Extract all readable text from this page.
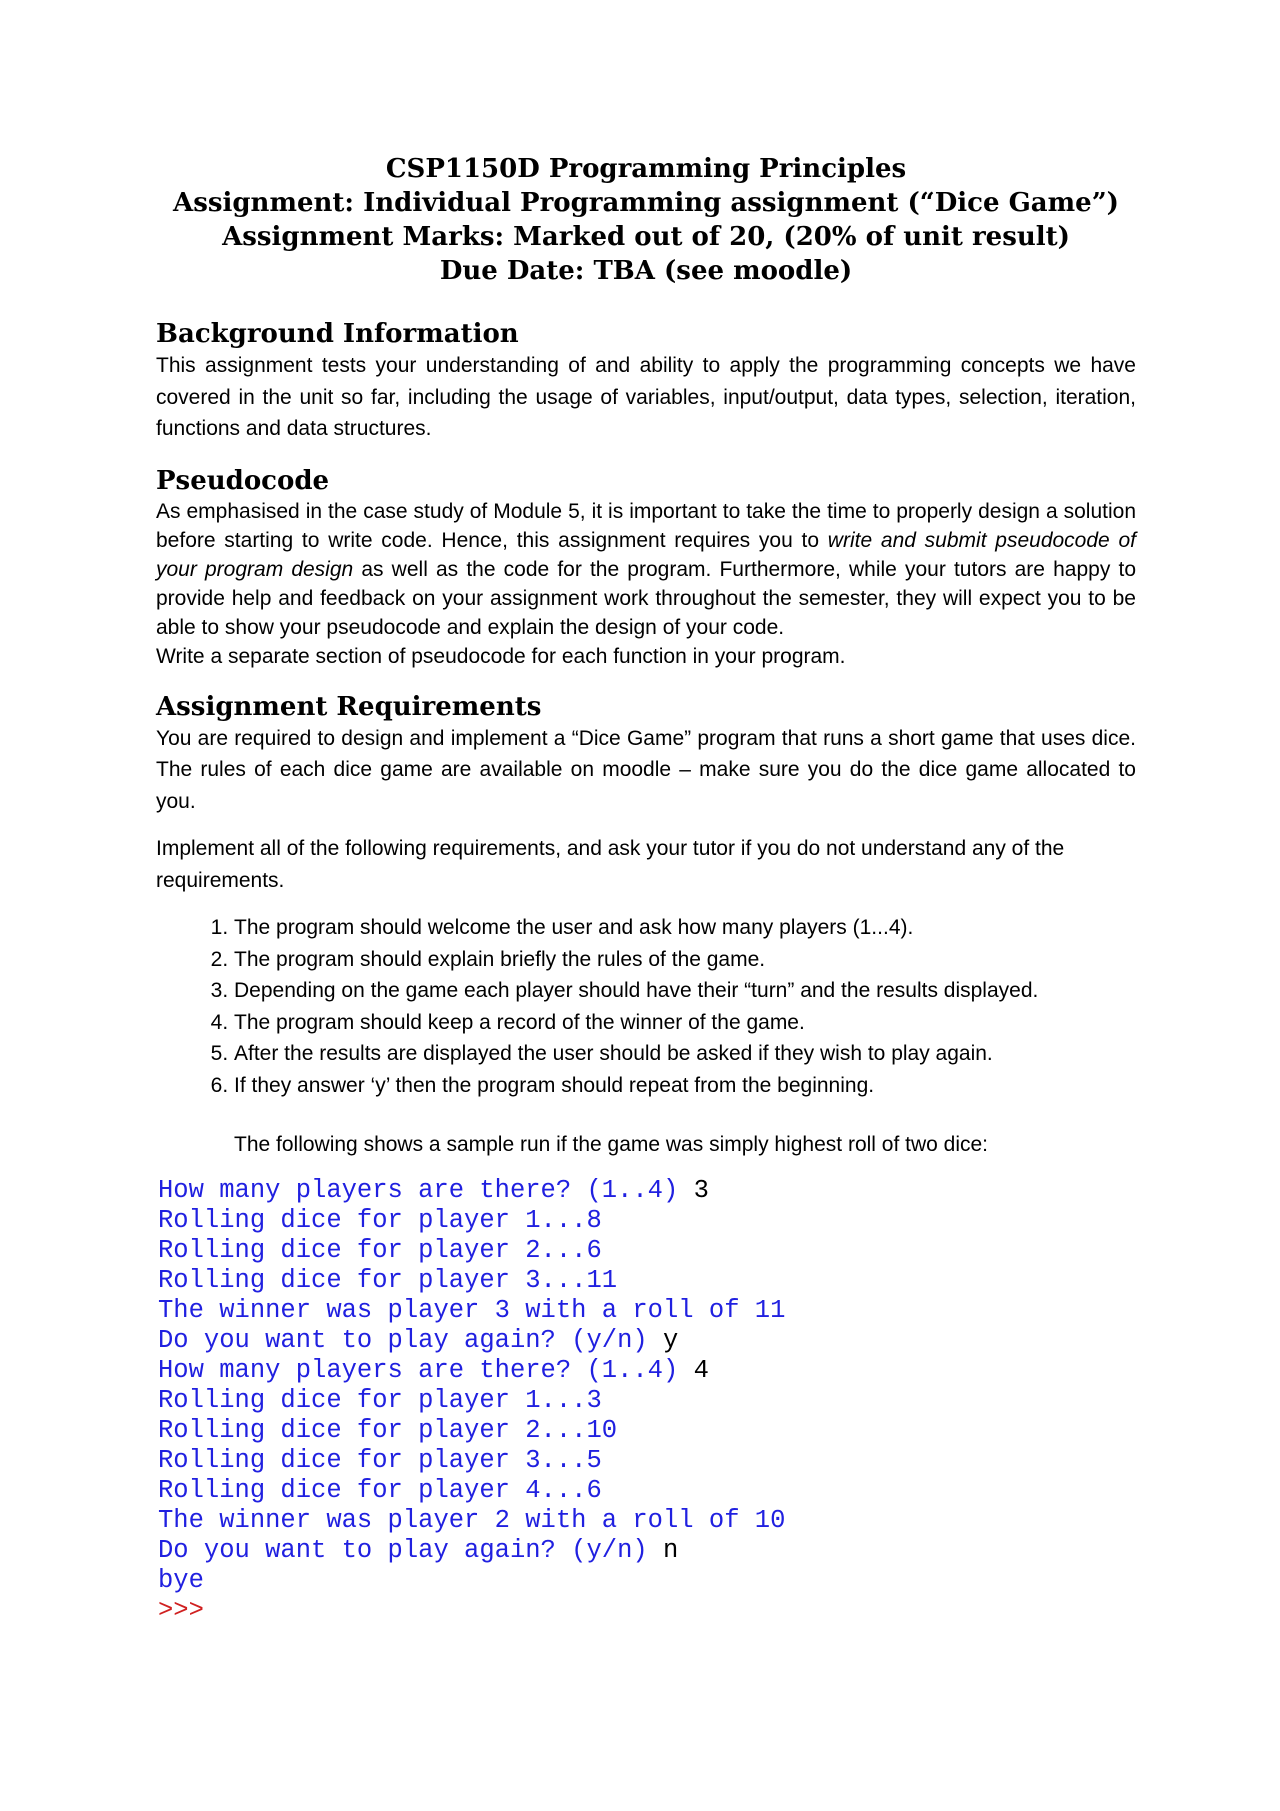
CSP1150D Programming Principles
Assignment: Individual Programming assignment (“Dice Game”)
Assignment Marks: Marked out of 20, (20% of unit result)
Due Date: TBA (see moodle)
Background Information

This assignment tests your understanding of and ability to apply the programming concepts we have covered in the unit so far, including the usage of variables, input/output, data types, selection, iteration, functions and data structures.

Pseudocode

As emphasised in the case study of Module 5, it is important to take the time to properly design a solution before starting to write code. Hence, this assignment requires you to write and submit pseudocode of your program design as well as the code for the program. Furthermore, while your tutors are happy to provide help and feedback on your assignment work throughout the semester, they will expect you to be able to show your pseudocode and explain the design of your code.

Write a separate section of pseudocode for each function in your program.

Assignment Requirements

You are required to design and implement a “Dice Game” program that runs a short game that uses dice. The rules of each dice game are available on moodle – make sure you do the dice game allocated to you.

Implement all of the following requirements, and ask your tutor if you do not understand any of the requirements.

1. The program should welcome the user and ask how many players (1...4).
2. The program should explain briefly the rules of the game.
3. Depending on the game each player should have their “turn” and the results displayed.
4. The program should keep a record of the winner of the game.
5. After the results are displayed the user should be asked if they wish to play again.
6. If they answer ‘y’ then the program should repeat from the beginning.
The following shows a sample run if the game was simply highest roll of two dice:
How many players are there? (1..4) 3
Rolling dice for player 1...8
Rolling dice for player 2...6
Rolling dice for player 3...11
The winner was player 3 with a roll of 11
Do you want to play again? (y/n) y
How many players are there? (1..4) 4
Rolling dice for player 1...3
Rolling dice for player 2...10
Rolling dice for player 3...5
Rolling dice for player 4...6
The winner was player 2 with a roll of 10
Do you want to play again? (y/n) n
bye
>>>
